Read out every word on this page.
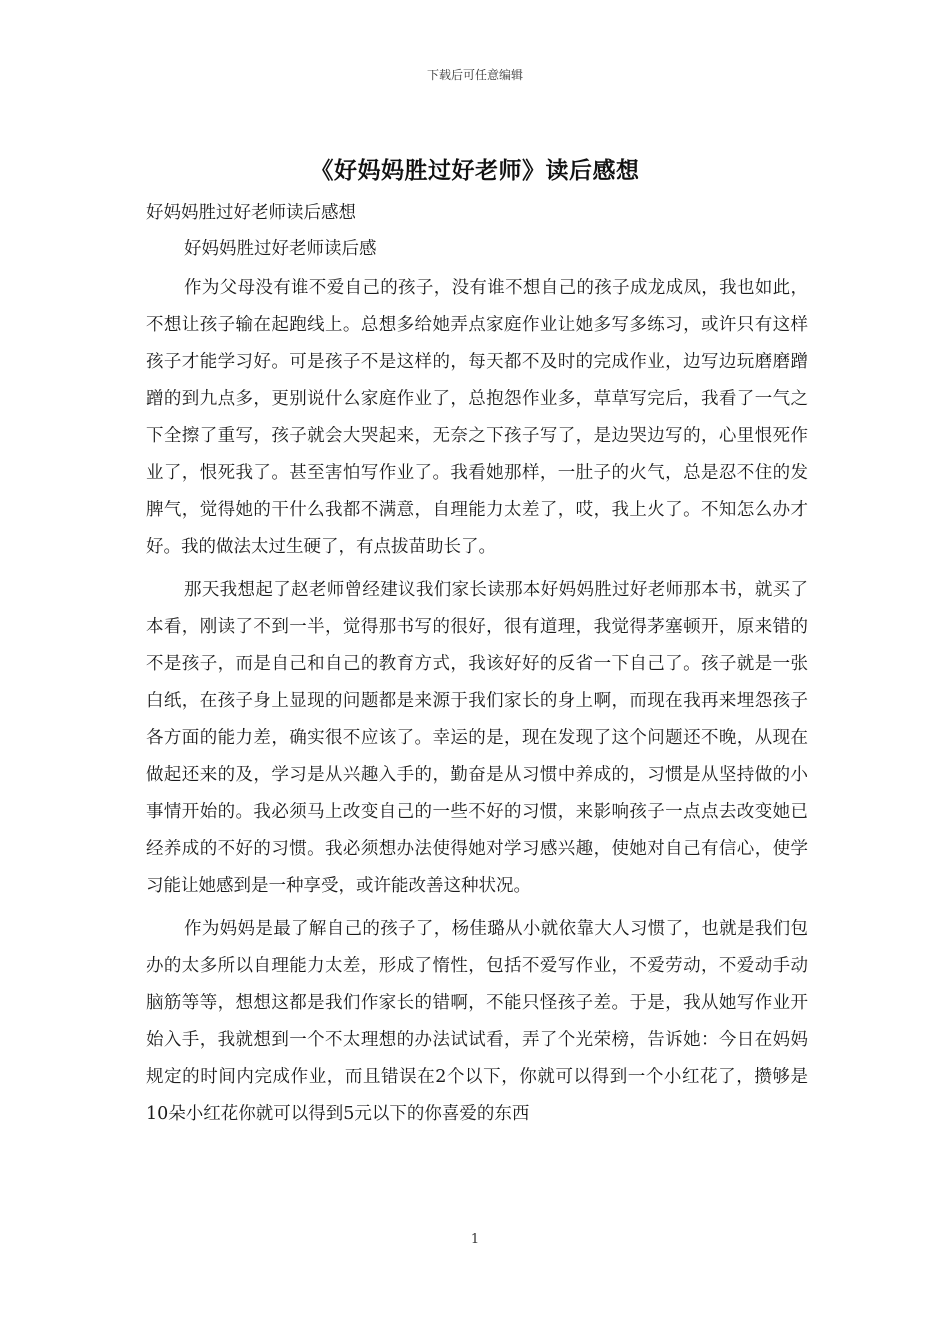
下载后可任意编辑
《好妈妈胜过好老师》读后感想

好妈妈胜过好老师读后感想

好妈妈胜过好老师读后感

作为父母没有谁不爱自己的孩子，没有谁不想自己的孩子成龙成凤，我也如此，不想让孩子输在起跑线上。总想多给她弄点家庭作业让她多写多练习，或许只有这样孩子才能学习好。可是孩子不是这样的，每天都不及时的完成作业，边写边玩磨磨蹭蹭的到九点多，更别说什么家庭作业了，总抱怨作业多，草草写完后，我看了一气之下全擦了重写，孩子就会大哭起来，无奈之下孩子写了，是边哭边写的，心里恨死作业了，恨死我了。甚至害怕写作业了。我看她那样，一肚子的火气，总是忍不住的发脾气，觉得她的干什么我都不满意，自理能力太差了，哎，我上火了。不知怎么办才好。我的做法太过生硬了，有点拔苗助长了。

那天我想起了赵老师曾经建议我们家长读那本好妈妈胜过好老师那本书，就买了本看，刚读了不到一半，觉得那书写的很好，很有道理，我觉得茅塞顿开，原来错的不是孩子，而是自己和自己的教育方式，我该好好的反省一下自己了。孩子就是一张白纸，在孩子身上显现的问题都是来源于我们家长的身上啊，而现在我再来埋怨孩子各方面的能力差，确实很不应该了。幸运的是，现在发现了这个问题还不晚，从现在做起还来的及，学习是从兴趣入手的，勤奋是从习惯中养成的，习惯是从坚持做的小事情开始的。我必须马上改变自己的一些不好的习惯，来影响孩子一点点去改变她已经养成的不好的习惯。我必须想办法使得她对学习感兴趣，使她对自己有信心，使学习能让她感到是一种享受，或许能改善这种状况。

作为妈妈是最了解自己的孩子了，杨佳璐从小就依靠大人习惯了，也就是我们包办的太多所以自理能力太差，形成了惰性，包括不爱写作业，不爱劳动，不爱动手动脑筋等等，想想这都是我们作家长的错啊，不能只怪孩子差。于是，我从她写作业开始入手，我就想到一个不太理想的办法试试看，弄了个光荣榜，告诉她：今日在妈妈规定的时间内完成作业，而且错误在2个以下，你就可以得到一个小红花了，攒够是10朵小红花你就可以得到5元以下的你喜爱的东西

1
